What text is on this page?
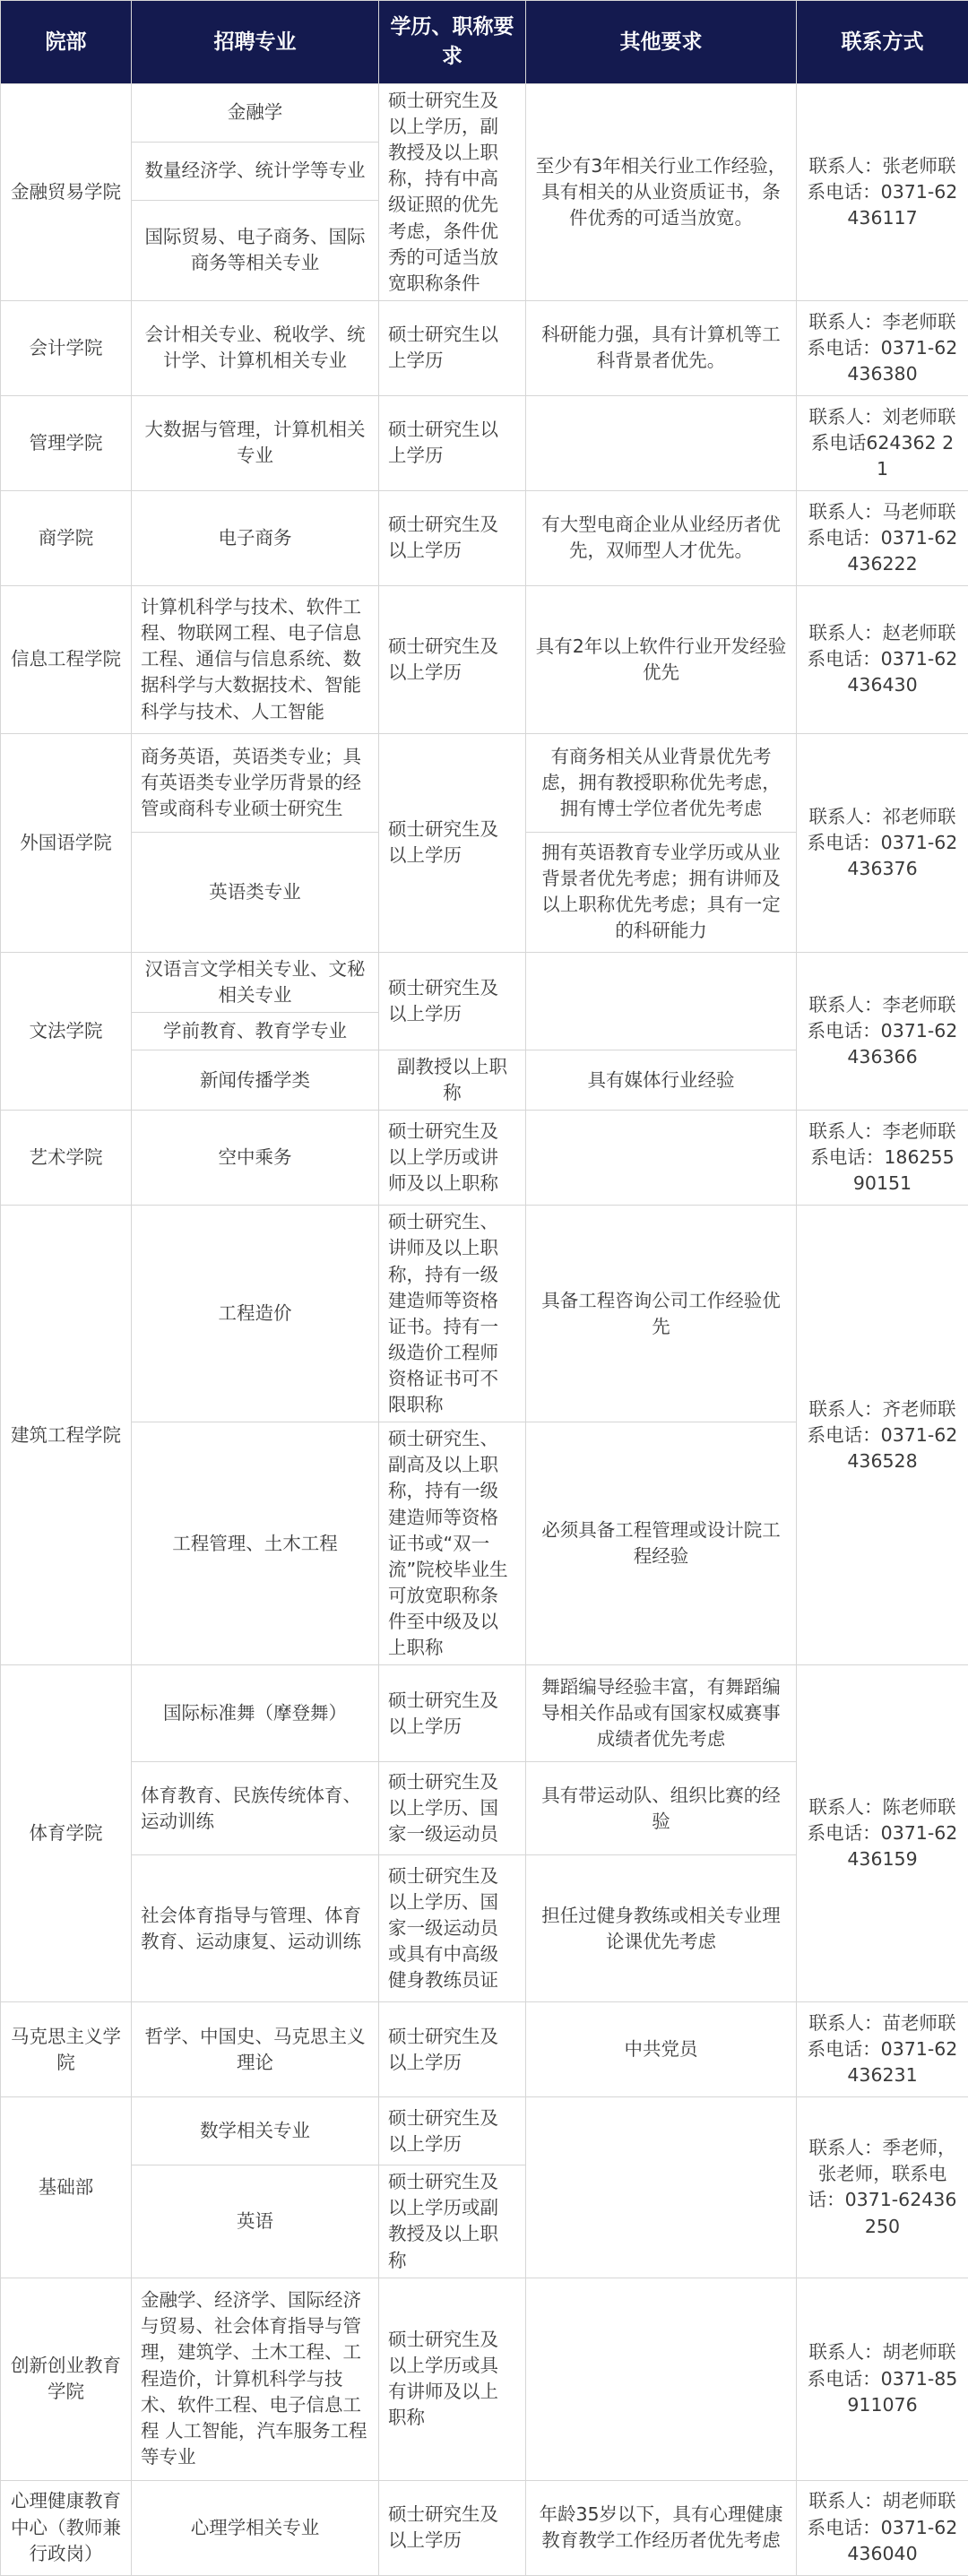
院部	招聘专业	学历、职称要求	其他要求	联系方式
金融贸易学院	金融学	硕士研究生及以上学历，副教授及以上职称，持有中高级证照的优先考虑，条件优秀的可适当放宽职称条件	至少有3年相关行业工作经验，具有相关的从业资质证书，条件优秀的可适当放宽。	联系人：张老师联系电话：0371-62436117
	数量经济学、统计学等专业			
	国际贸易、电子商务、国际商务等相关专业			
会计学院	会计相关专业、税收学、统计学、计算机相关专业	硕士研究生以上学历	科研能力强，具有计算机等工科背景者优先。	联系人：李老师联系电话：0371-62436380
管理学院	大数据与管理，计算机相关专业	硕士研究生以上学历		联系人：刘老师联系电话624362 21
商学院	电子商务	硕士研究生及以上学历	有大型电商企业从业经历者优先，双师型人才优先。	联系人：马老师联系电话：0371-62436222
信息工程学院	计算机科学与技术、软件工程、物联网工程、电子信息工程、通信与信息系统、数据科学与大数据技术、智能科学与技术、人工智能	硕士研究生及以上学历	具有2年以上软件行业开发经验优先	联系人：赵老师联系电话：0371-62436430
外国语学院	商务英语，英语类专业；具有英语类专业学历背景的经管或商科专业硕士研究生	硕士研究生及以上学历	有商务相关从业背景优先考虑，拥有教授职称优先考虑，拥有博士学位者优先考虑	联系人：祁老师联系电话：0371-62436376
	英语类专业		拥有英语教育专业学历或从业背景者优先考虑；拥有讲师及以上职称优先考虑；具有一定的科研能力	
文法学院	汉语言文学相关专业、文秘相关专业	硕士研究生及以上学历		联系人：李老师联系电话：0371-62436366
	学前教育、教育学专业			
	新闻传播学类	副教授以上职称	具有媒体行业经验	
艺术学院	空中乘务	硕士研究生及以上学历或讲师及以上职称		联系人：李老师联系电话：18625590151
建筑工程学院	工程造价	硕士研究生、讲师及以上职称，持有一级建造师等资格证书。持有一级造价工程师资格证书可不限职称	具备工程咨询公司工作经验优先	联系人：齐老师联系电话：0371-62436528
	工程管理、土木工程	硕士研究生、副高及以上职称，持有一级建造师等资格证书或“双一流”院校毕业生可放宽职称条件至中级及以上职称	必须具备工程管理或设计院工程经验	
体育学院	国际标准舞（摩登舞）	硕士研究生及以上学历	舞蹈编导经验丰富，有舞蹈编导相关作品或有国家权威赛事成绩者优先考虑	联系人：陈老师联系电话：0371-62436159
	体育教育、民族传统体育、运动训练	硕士研究生及以上学历、国家一级运动员	具有带运动队、组织比赛的经验	
	社会体育指导与管理、体育教育、运动康复、运动训练	硕士研究生及以上学历、国家一级运动员或具有中高级健身教练员证	担任过健身教练或相关专业理论课优先考虑	
马克思主义学院	哲学、中国史、马克思主义理论	硕士研究生及以上学历	中共党员	联系人：苗老师联系电话：0371-62436231
基础部	数学相关专业	硕士研究生及以上学历		联系人：季老师，张老师，联系电话：0371-62436250
	英语	硕士研究生及以上学历或副教授及以上职称		
创新创业教育学院	金融学、经济学、国际经济与贸易、社会体育指导与管理，建筑学、土木工程、工程造价，计算机科学与技术、软件工程、电子信息工程 人工智能，汽车服务工程等专业	硕士研究生及以上学历或具有讲师及以上职称		联系人：胡老师联系电话：0371-85911076
心理健康教育中心（教师兼行政岗）	心理学相关专业	硕士研究生及以上学历	年龄35岁以下，具有心理健康教育教学工作经历者优先考虑	联系人：胡老师联系电话：0371-62436040
